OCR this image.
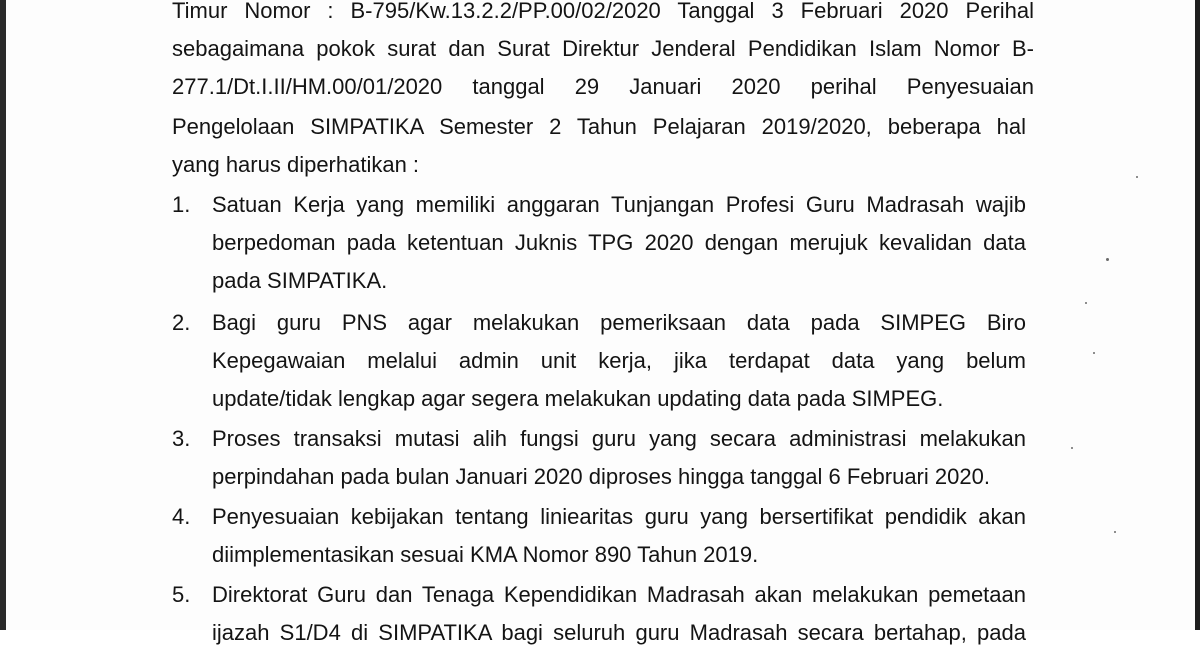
Timur Nomor : B-795/Kw.13.2.2/PP.00/02/2020 Tanggal 3 Februari 2020 Perihal
sebagaimana pokok surat dan Surat Direktur Jenderal Pendidikan Islam Nomor B-
277.1/Dt.I.II/HM.00/01/2020 tanggal 29 Januari 2020 perihal Penyesuaian
Pengelolaan SIMPATIKA Semester 2 Tahun Pelajaran 2019/2020, beberapa hal
yang harus diperhatikan :
1. Satuan Kerja yang memiliki anggaran Tunjangan Profesi Guru Madrasah wajib
berpedoman pada ketentuan Juknis TPG 2020 dengan merujuk kevalidan data
pada SIMPATIKA.
2. Bagi guru PNS agar melakukan pemeriksaan data pada SIMPEG Biro
Kepegawaian melalui admin unit kerja, jika terdapat data yang belum
update/tidak lengkap agar segera melakukan updating data pada SIMPEG.
3. Proses transaksi mutasi alih fungsi guru yang secara administrasi melakukan
perpindahan pada bulan Januari 2020 diproses hingga tanggal 6 Februari 2020.
4. Penyesuaian kebijakan tentang liniearitas guru yang bersertifikat pendidik akan
diimplementasikan sesuai KMA Nomor 890 Tahun 2019.
5. Direktorat Guru dan Tenaga Kependidikan Madrasah akan melakukan pemetaan
ijazah S1/D4 di SIMPATIKA bagi seluruh guru Madrasah secara bertahap, pada
